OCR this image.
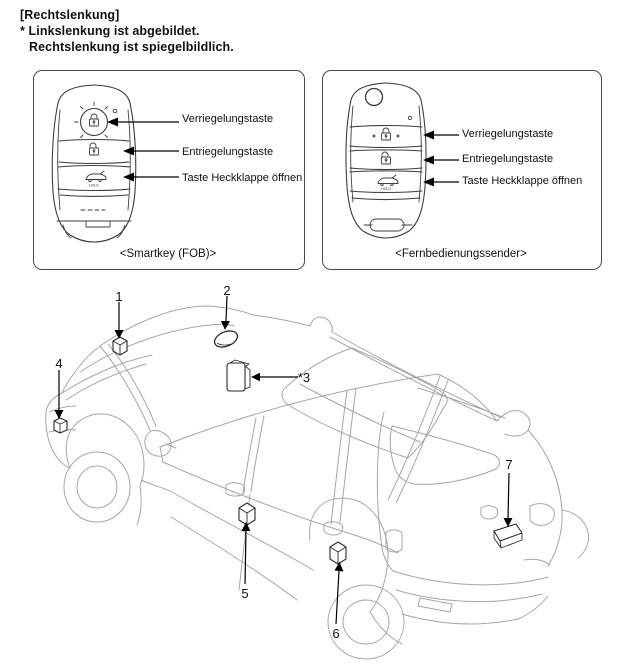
[Rechtslenkung]
* Linkslenkung ist abgebildet.
Rechtslenkung ist spiegelbildlich.
HOLD
Verriegelungstaste
Entriegelungstaste
Taste Heckklappe öffnen
<Smartkey (FOB)>
HOLD
Verriegelungstaste
Entriegelungstaste
Taste Heckklappe öffnen
<Fernbedienungssender>
1	2
*3
4
5
6
7
